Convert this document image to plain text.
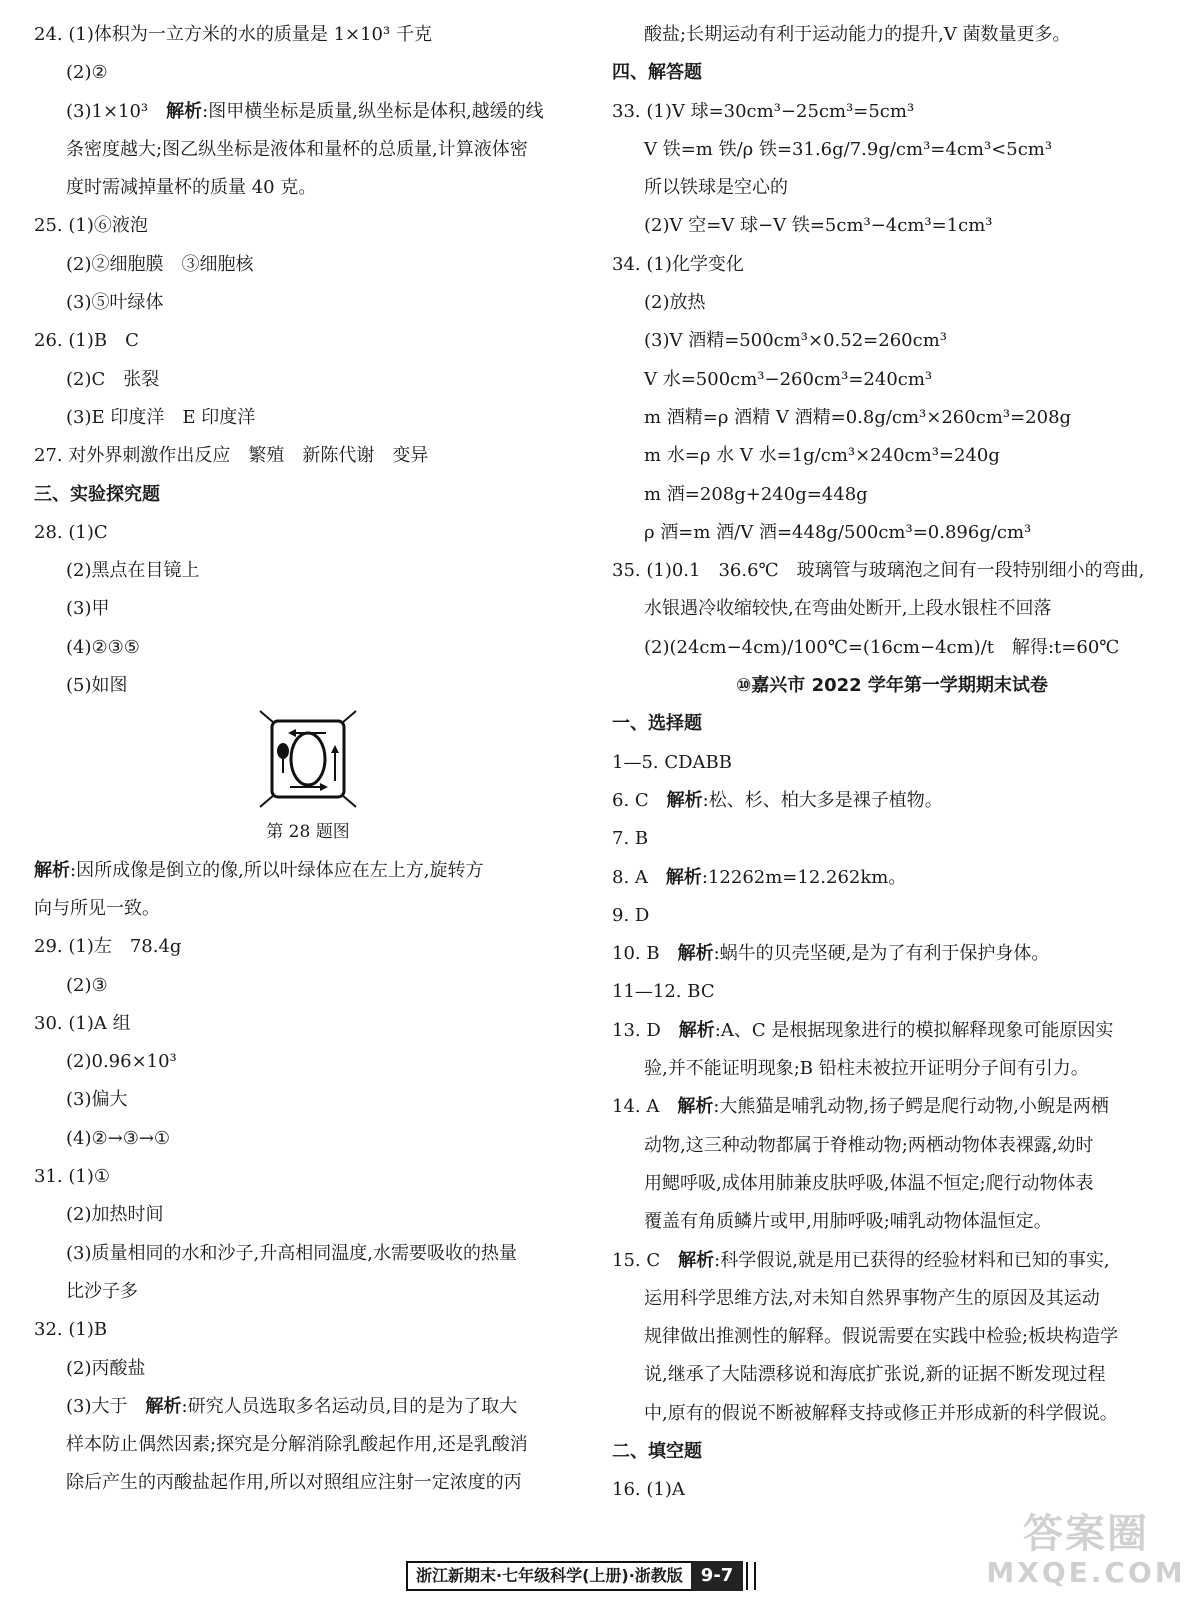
24. (1)体积为一立方米的水的质量是 1×10³ 千克
(2)②
(3)1×10³　 解析:图甲横坐标是质量,纵坐标是体积,越缓的线
条密度越大;图乙纵坐标是液体和量杯的总质量,计算液体密
度时需减掉量杯的质量 40 克。
25. (1)⑥液泡
(2)②细胞膜　③细胞核
(3)⑤叶绿体
26. (1)B　C
(2)C　张裂
(3)E 印度洋　E 印度洋
27. 对外界刺激作出反应　繁殖　新陈代谢　变异
三、实验探究题
28. (1)C
(2)黑点在目镜上
(3)甲
(4)②③⑤
(5)如图
第 28 题图
解析:因所成像是倒立的像,所以叶绿体应在左上方,旋转方
向与所见一致。
29. (1)左　78.4g
(2)③
30. (1)A 组
(2)0.96×10³
(3)偏大
(4)②→③→①
31. (1)①
(2)加热时间
(3)质量相同的水和沙子,升高相同温度,水需要吸收的热量
比沙子多
32. (1)B
(2)丙酸盐
(3)大于　解析:研究人员选取多名运动员,目的是为了取大
样本防止偶然因素;探究是分解消除乳酸起作用,还是乳酸消
除后产生的丙酸盐起作用,所以对照组应注射一定浓度的丙
酸盐;长期运动有利于运动能力的提升,V 菌数量更多。
四、解答题
33. (1)V 球=30cm³−25cm³=5cm³
V 铁=m 铁/ρ 铁=31.6g/7.9g/cm³=4cm³<5cm³
所以铁球是空心的
(2)V 空=V 球−V 铁=5cm³−4cm³=1cm³
34. (1)化学变化
(2)放热
(3)V 酒精=500cm³×0.52=260cm³
V 水=500cm³−260cm³=240cm³
m 酒精=ρ 酒精 V 酒精=0.8g/cm³×260cm³=208g
m 水=ρ 水 V 水=1g/cm³×240cm³=240g
m 酒=208g+240g=448g
ρ 酒=m 酒/V 酒=448g/500cm³=0.896g/cm³
35. (1)0.1　36.6℃　玻璃管与玻璃泡之间有一段特别细小的弯曲,
水银遇冷收缩较快,在弯曲处断开,上段水银柱不回落
(2)(24cm−4cm)/100℃=(16cm−4cm)/t　解得:t=60℃
⑩嘉兴市 2022 学年第一学期期末试卷
一、选择题
1—5. CDABB
6. C　解析:松、杉、柏大多是裸子植物。
7. B
8. A　解析:12262m=12.262km。
9. D
10. B　解析:蜗牛的贝壳坚硬,是为了有利于保护身体。
11—12. BC
13. D　解析:A、C 是根据现象进行的模拟解释现象可能原因实
验,并不能证明现象;B 铅柱未被拉开证明分子间有引力。
14. A　解析:大熊猫是哺乳动物,扬子鳄是爬行动物,小鲵是两栖
动物,这三种动物都属于脊椎动物;两栖动物体表裸露,幼时
用鳃呼吸,成体用肺兼皮肤呼吸,体温不恒定;爬行动物体表
覆盖有角质鳞片或甲,用肺呼吸;哺乳动物体温恒定。
15. C　解析:科学假说,就是用已获得的经验材料和已知的事实,
运用科学思维方法,对未知自然界事物产生的原因及其运动
规律做出推测性的解释。假说需要在实践中检验;板块构造学
说,继承了大陆漂移说和海底扩张说,新的证据不断发现过程
中,原有的假说不断被解释支持或修正并形成新的科学假说。
二、填空题
16. (1)A
浙江新期末·七年级科学(上册)·浙教版	9-7
答案圈
MXQE.COM
